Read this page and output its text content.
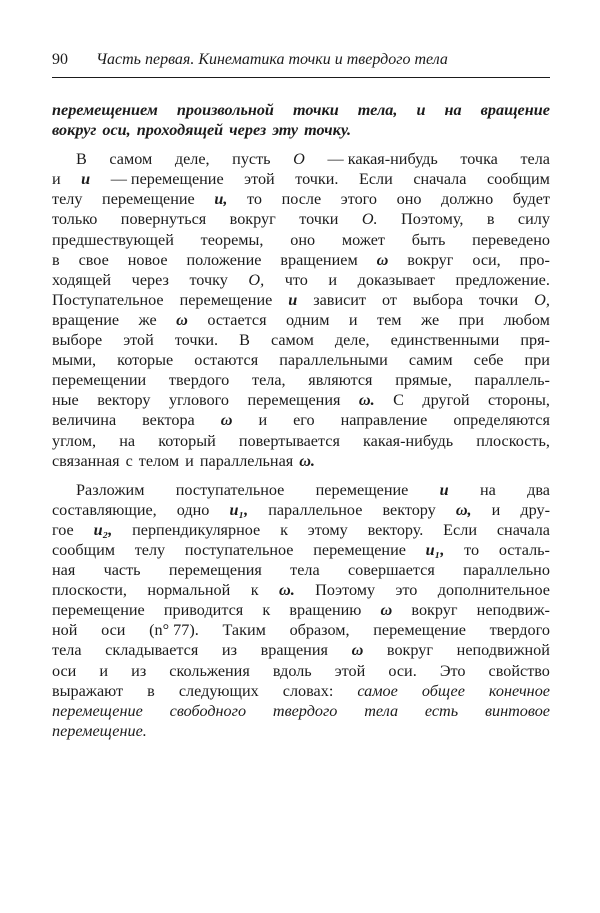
90 Часть первая. Кинематика точки и твердого тела
перемещением произвольной точки тела, и на вращение
вокруг оси, проходящей через эту точку.
В самом деле, пусть O — какая-нибудь точка тела
и u — перемещение этой точки. Если сначала сообщим
телу перемещение u, то после этого оно должно будет
только повернуться вокруг точки O. Поэтому, в силу
предшествующей теоремы, оно может быть переведено
в свое новое положение вращением ω вокруг оси, про-
ходящей через точку O, что и доказывает предложение.
Поступательное перемещение u зависит от выбора точки O,
вращение же ω остается одним и тем же при любом
выборе этой точки. В самом деле, единственными пря-
мыми, которые остаются параллельными самим себе при
перемещении твердого тела, являются прямые, параллель-
ные вектору углового перемещения ω. С другой стороны,
величина вектора ω и его направление определяются
углом, на который повертывается какая-нибудь плоскость,
связанная с телом и параллельная ω.
Разложим поступательное перемещение u на два
составляющие, одно u₁, параллельное вектору ω, и дру-
гое u₂, перпендикулярное к этому вектору. Если сначала
сообщим телу поступательное перемещение u₁, то осталь-
ная часть перемещения тела совершается параллельно
плоскости, нормальной к ω. Поэтому это дополнительное
перемещение приводится к вращению ω вокруг неподвиж-
ной оси (n° 77). Таким образом, перемещение твердого
тела складывается из вращения ω вокруг неподвижной
оси и из скольжения вдоль этой оси. Это свойство
выражают в следующих словах: самое общее конечное
перемещение свободного твердого тела есть винтовое
перемещение.
